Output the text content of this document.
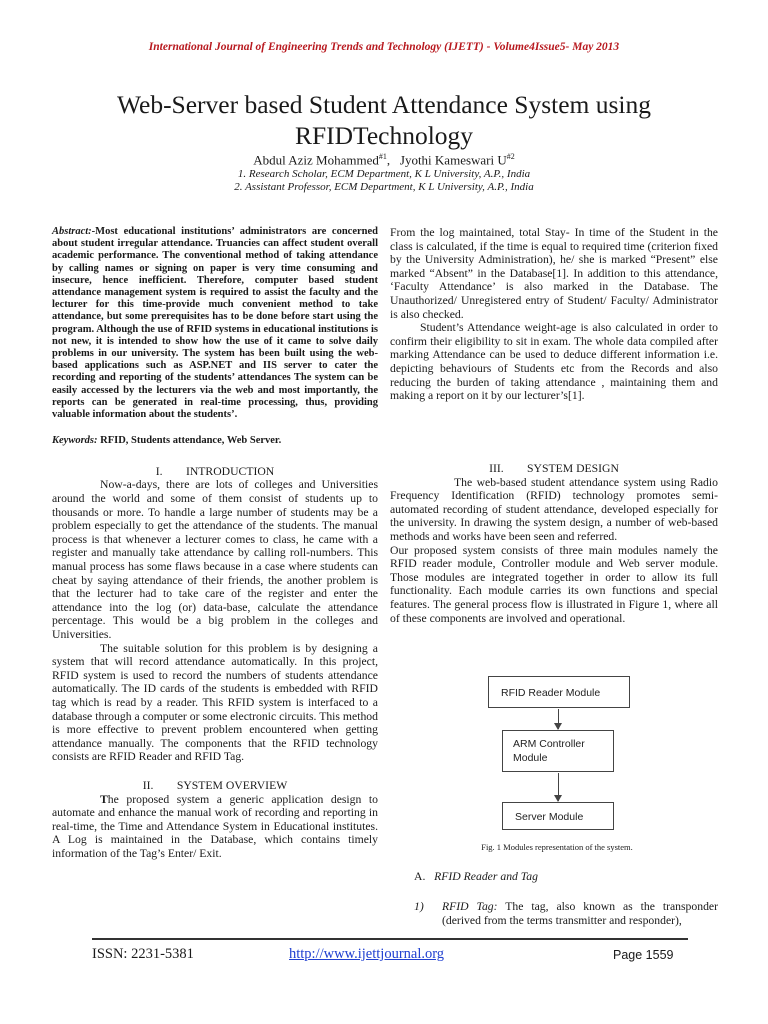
International Journal of Engineering Trends and Technology (IJETT) - Volume4Issue5- May 2013
Web-Server based Student Attendance System using RFIDTechnology
Abdul Aziz Mohammed$^{\#1}$, Jyothi Kameswari $U^{\#2}$
1. Research Scholar, ECM Department, K L University, A.P., India
2. Assistant Professor, ECM Department, K L University, A.P., India

Abstract:-Most educational institutions’ administrators are concerned about student irregular attendance. Truancies can affect student overall academic performance. The conventional method of taking attendance by calling names or signing on paper is very time consuming and insecure, hence inefficient. Therefore, computer based student attendance management system is required to assist the faculty and the lecturer for this time-provide much convenient method to take attendance, but some prerequisites has to be done before start using the program. Although the use of RFID systems in educational institutions is not new, it is intended to show how the use of it came to solve daily problems in our university. The system has been built using the web-based applications such as ASP.NET and IIS server to cater the recording and reporting of the students’ attendances The system can be easily accessed by the lecturers via the web and most importantly, the reports can be generated in real-time processing, thus, providing valuable information about the students’.

Keywords: RFID, Students attendance, Web Server.

I.        INTRODUCTION

Now-a-days, there are lots of colleges and Universities around the world and some of them consist of students up to thousands or more. To handle a large number of students may be a problem especially to get the attendance of the students. The manual process is that whenever a lecturer comes to class, he came with a register and manually take attendance by calling roll-numbers. This manual process has some flaws because in a case where students can cheat by saying attendance of their friends, the another problem is that the lecturer had to take care of the register and enter the attendance into the log (or) data-base, calculate the attendance percentage. This would be a big problem in the colleges and Universities.

The suitable solution for this problem is by designing a system that will record attendance automatically. In this project, RFID system is used to record the numbers of students attendance automatically. The ID cards of the students is embedded with RFID tag which is read by a reader. This RFID system is interfaced to a database through a computer or some electronic circuits. This method is more effective to prevent problem encountered when getting attendance manually. The components that the RFID technology consists are RFID Reader and RFID Tag.

II.        SYSTEM OVERVIEW

The proposed system a generic application design to automate and enhance the manual work of recording and reporting in real-time, the Time and Attendance System in Educational institutes. A Log is maintained in the Database, which contains timely information of the Tag’s Enter/ Exit.

From the log maintained, total Stay- In time of the Student in the class is calculated, if the time is equal to required time (criterion fixed by the University Administration), he/ she is marked “Present” else marked “Absent” in the Database[1]. In addition to this attendance, ‘Faculty Attendance’ is also marked in the Database. The Unauthorized/ Unregistered entry of Student/ Faculty/ Administrator is also checked.

Student’s Attendance weight-age is also calculated in order to confirm their eligibility to sit in exam. The whole data compiled after marking Attendance can be used to deduce different information i.e. depicting behaviours of Students etc from the Records and also reducing the burden of taking attendance , maintaining them and making a report on it by our lecturer’s[1].

III.        SYSTEM DESIGN

The web-based student attendance system using Radio Frequency Identification (RFID) technology promotes semi-automated recording of student attendance, developed especially for the university. In drawing the system design, a number of web-based methods and works have been seen and referred.

Our proposed system consists of three main modules namely the RFID reader module, Controller module and Web server module. Those modules are integrated together in order to allow its full functionality. Each module carries its own functions and special features. The general process flow is illustrated in Figure 1, where all of these components are involved and operational.

RFID Reader Module
ARM Controller
Module
Server Module
Fig. 1 Modules representation of the system.
A. RFID Reader and Tag
1) RFID Tag: The tag, also known as the transponder (derived from the terms transmitter and responder),
ISSN: 2231-5381	http://www.ijettjournal.org	Page 1559
